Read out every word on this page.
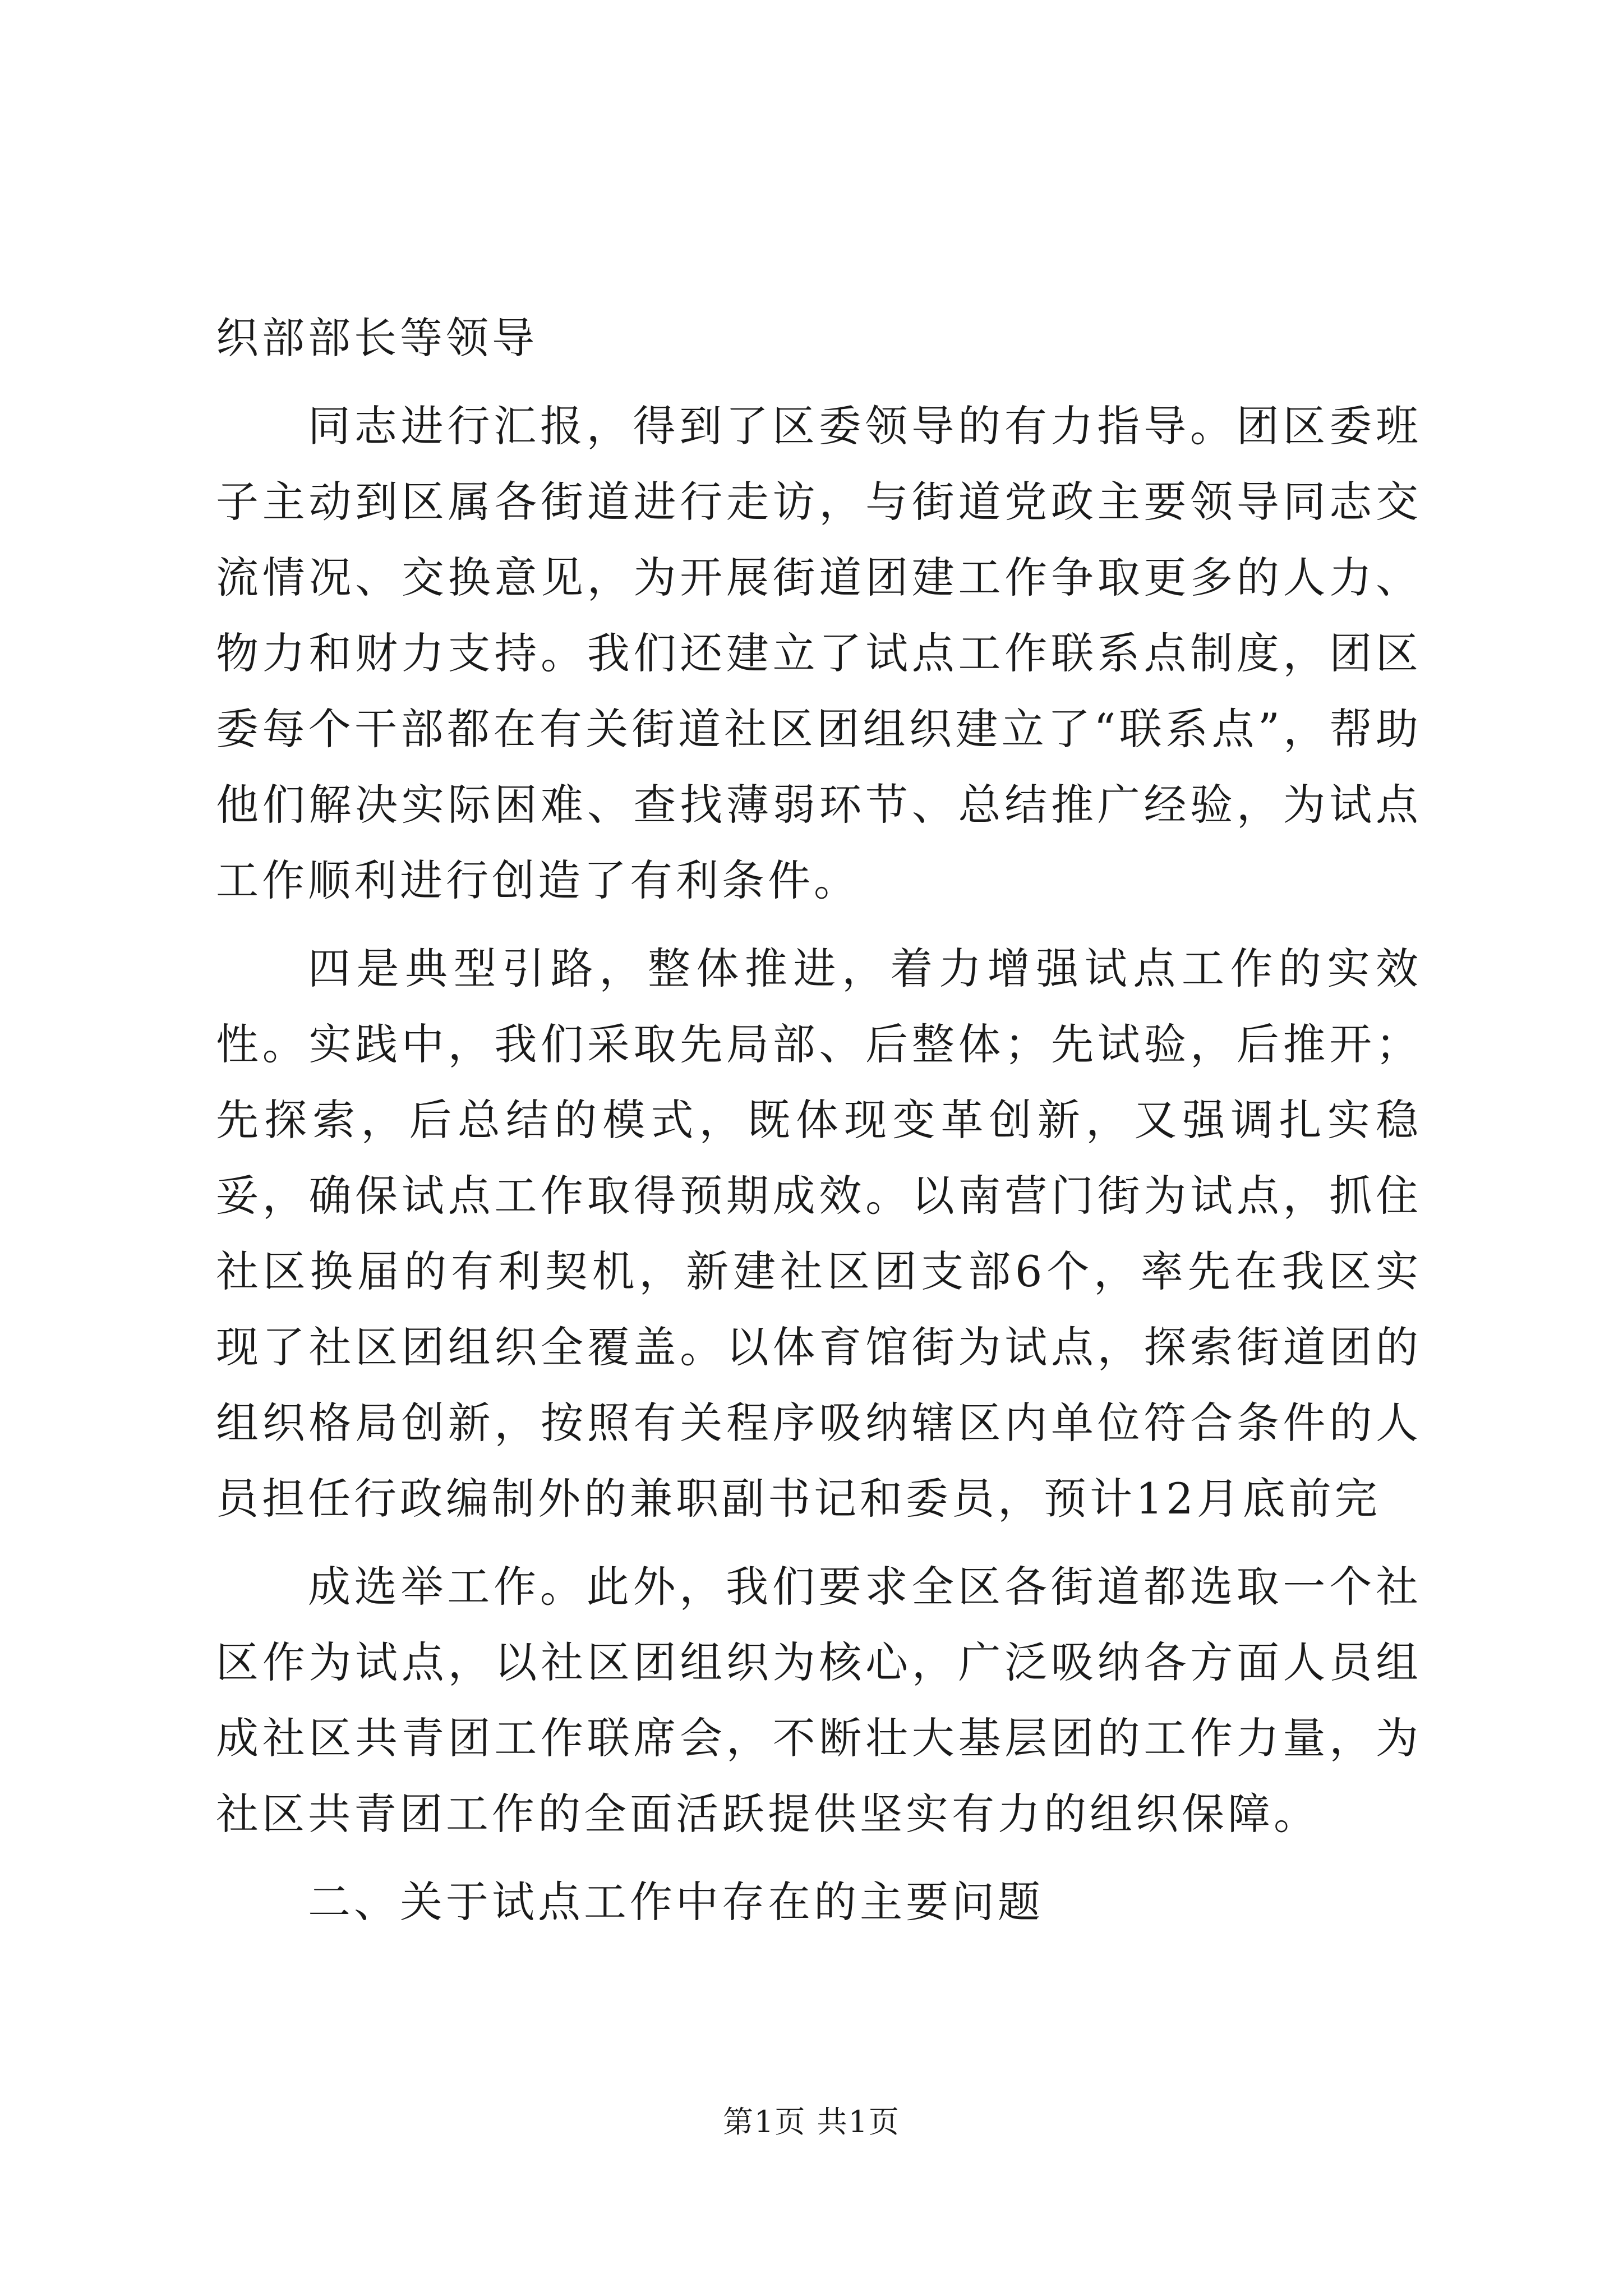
织部部长等领导

同志进行汇报，得到了区委领导的有力指导。团区委班子主动到区属各街道进行走访，与街道党政主要领导同志交流情况、交换意见，为开展街道团建工作争取更多的人力、物力和财力支持。我们还建立了试点工作联系点制度，团区委每个干部都在有关街道社区团组织建立了“联系点”，帮助他们解决实际困难、查找薄弱环节、总结推广经验，为试点工作顺利进行创造了有利条件。

四是典型引路，整体推进，着力增强试点工作的实效性。实践中，我们采取先局部、后整体；先试验，后推开；先探索，后总结的模式，既体现变革创新，又强调扎实稳妥，确保试点工作取得预期成效。以南营门街为试点，抓住社区换届的有利契机，新建社区团支部6个，率先在我区实现了社区团组织全覆盖。以体育馆街为试点，探索街道团的组织格局创新，按照有关程序吸纳辖区内单位符合条件的人员担任行政编制外的兼职副书记和委员，预计12月底前完

成选举工作。此外，我们要求全区各街道都选取一个社区作为试点，以社区团组织为核心，广泛吸纳各方面人员组成社区共青团工作联席会，不断壮大基层团的工作力量，为社区共青团工作的全面活跃提供坚实有力的组织保障。

二、关于试点工作中存在的主要问题

第1页 共1页
